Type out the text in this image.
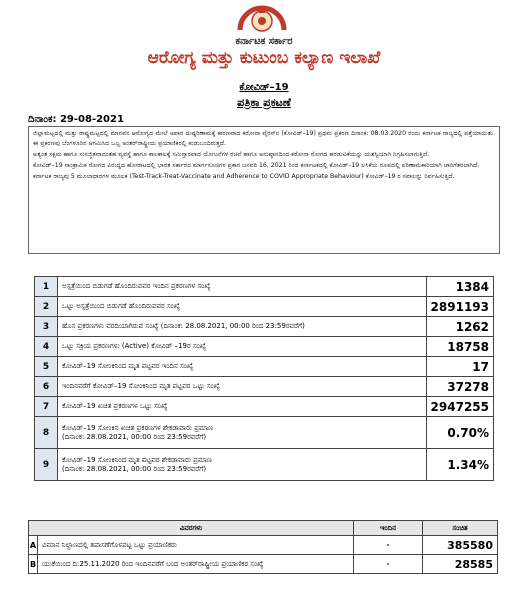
ಕರ್ನಾಟಕ ಸರ್ಕಾರ
ಆರೋಗ್ಯ ಮತ್ತು ಕುಟುಂಬ ಕಲ್ಯಾಣ ಇಲಾಖೆ
ಕೋವಿಡ್–19
ಪತ್ರಿಕಾ ಪ್ರಕಟಣೆ
ದಿನಾಂಕ: 29-08-2021

ಜಿಲ್ಲಾಮಟ್ಟದಲ್ಲಿ ಮತ್ತು ರಾಷ್ಟ್ರಮಟ್ಟದಲ್ಲಿ ಮಾನವನ ಆರೋಗ್ಯದ ಮೇಲೆ ಅಪಾರ ದುಷ್ಪರಿಣಾಮಕ್ಕೆ ಕಾರಣವಾದ ಕರೋನಾ ವೈರಸ್‌ನ (ಕೋವಿಡ್–19) ಪ್ರಥಮ ಪ್ರಕರಣ ದಿನಾಂಕ: 08.03.2020 ರಂದು ಕರ್ನಾಟಕ ರಾಜ್ಯದಲ್ಲಿ ಪತ್ತೆಯಾಯಿತು. ಈ ಪ್ರಕರಣವು ಬೆಂಗಳೂರಿನ ಆಗಮಿಸಿದ ಒಬ್ಬ ಅಂತರ್‌ರಾಷ್ಟ್ರೀಯ ಪ್ರಯಾಣಿಕರಲ್ಲಿ ಕಂಡುಬಂದಿರುತ್ತದೆ.

ಅತ್ಯಂತ ಸಕ್ಷಮ ಹಾಗೂ ಸುಸಜ್ಜಿತವಾದಂತಹ ವ್ಯವಸ್ಥೆ ಹಾಗೂ ಕಾಲಕಾಲಕ್ಕೆ ಸಮಿಸ್ತಾರವಾದ ಯೋಜನೆಗಳ ರಚನೆ ಹಾಗೂ ಅನುಷ್ಠಾನದಿಂದ ಕರೋನಾ ರೋಗದ ಹರಡುವಿಕೆಯನ್ನು ಯಶಸ್ವಿಯಾಗಿ ನಿಗ್ರಹಿಸಲಾಗುತ್ತಿದೆ.

ಕೋವಿಡ್–19 ಸಾಂಕ್ರಾಮಿಕ ರೋಗದ ವಿರುದ್ಧದ ಹೋರಾಟದಲ್ಲಿ ಭಾರತ ಸರ್ಕಾರದ ಮಾರ್ಗಸೂಚಿಗಳ ಪ್ರಕಾರ ಜನವರಿ 16, 2021 ರಿಂದ ಕರ್ನಾಟಕದಲ್ಲಿ ಕೋವಿಡ್–19 ಲಸಿಕೆಯ ರೂಪದಲ್ಲಿ ಪರಿಣಾಮಕಾರಿಯಾಗಿ ಜಾರಿಗೆತರಲಾಗಿದೆ.

ಕರ್ನಾಟಕ ರಾಜ್ಯವು 5 ಮೂಲಾಧಾರಗಳ ಮೂಲಕ (Test-Track-Treat-Vaccinate and Adherence to COVID Appropriate Behaviour) ಕೋವಿಡ್–19 ರ ಸವಾಲನ್ನು ನಿರ್ವಹಿಸುತ್ತಿದೆ.

1	ಅಸ್ಪತ್ರೆಯಿಂದ ಬಿಡುಗಡೆ ಹೊಂದಿರುವವರ ಇಂದಿನ ಪ್ರಕರಣಗಳ ಸಂಖ್ಯೆ	1384
2	ಒಟ್ಟು ಅಸ್ಪತ್ರೆಯಿಂದ ಬಿಡುಗಡೆ ಹೊಂದಿರುವವರ ಸಂಖ್ಯೆ	2891193
3	ಹೊಸ ಪ್ರಕರಣಗಳು ವರದಿಯಾಗಿರುವ ಸಂಖ್ಯೆ (ದಿನಾಂಕ: 28.08.2021, 00:00 ರಿಂದ 23:59ರವರೆಗೆ)	1262
4	ಒಟ್ಟು ಸಕ್ರಿಯ ಪ್ರಕರಣಗಳು (Active) ಕೋವಿಡ್ –19ರ ಸಂಖ್ಯೆ	18758
5	ಕೋವಿಡ್–19 ಸೋಂಕಿನಿಂದ ಮೃತ ಪಟ್ಟವರ ಇಂದಿನ ಸಂಖ್ಯೆ	17
6	ಇಂದಿನವರೆಗೆ ಕೋವಿಡ್–19 ಸೋಂಕಿನಿಂದ ಮೃತ ಪಟ್ಟವರ ಒಟ್ಟು ಸಂಖ್ಯೆ	37278
7	ಕೋವಿಡ್–19 ಖಚಿತ ಪ್ರಕರಣಗಳ ಒಟ್ಟು ಸಂಖ್ಯೆ	2947255
8	ಕೋವಿಡ್–19 ಸೋಂಕಿನ ಖಚಿತ ಪ್ರಕರಣಗಳ ಶೇಕಡಾವಾರು ಪ್ರಮಾಣ
(ದಿನಾಂಕ: 28.08.2021, 00:00 ರಿಂದ 23:59ರವರೆಗೆ)	0.70%
9	ಕೋವಿಡ್–19 ಸೋಂಕಿನಿಂದ ಮೃತ ಪಟ್ಟವರ ಶೇಕಡಾವಾರು ಪ್ರಮಾಣ
(ದಿನಾಂಕ: 28.08.2021, 00:00 ರಿಂದ 23:59ರವರೆಗೆ)	1.34%
ವಿವರಗಳು		ಇಂದಿನ	ಸಂಚಿತ
A	ವಿಮಾನ ನಿಲ್ದಾಣದಲ್ಲಿ ತಪಾಸಣೆಗೊಳಪಟ್ಟ ಒಟ್ಟು ಪ್ರಯಾಣಿಕರು	-	385580
B	ಯುಕೆಯಿಂದ ದಿ:25.11.2020 ರಿಂದ ಇಂದಿನವರೆಗೆ ಬಂದ ಅಂತರ್‌ರಾಷ್ಟ್ರೀಯ ಪ್ರಯಾಣಿಕರ ಸಂಖ್ಯೆ	-	28585
